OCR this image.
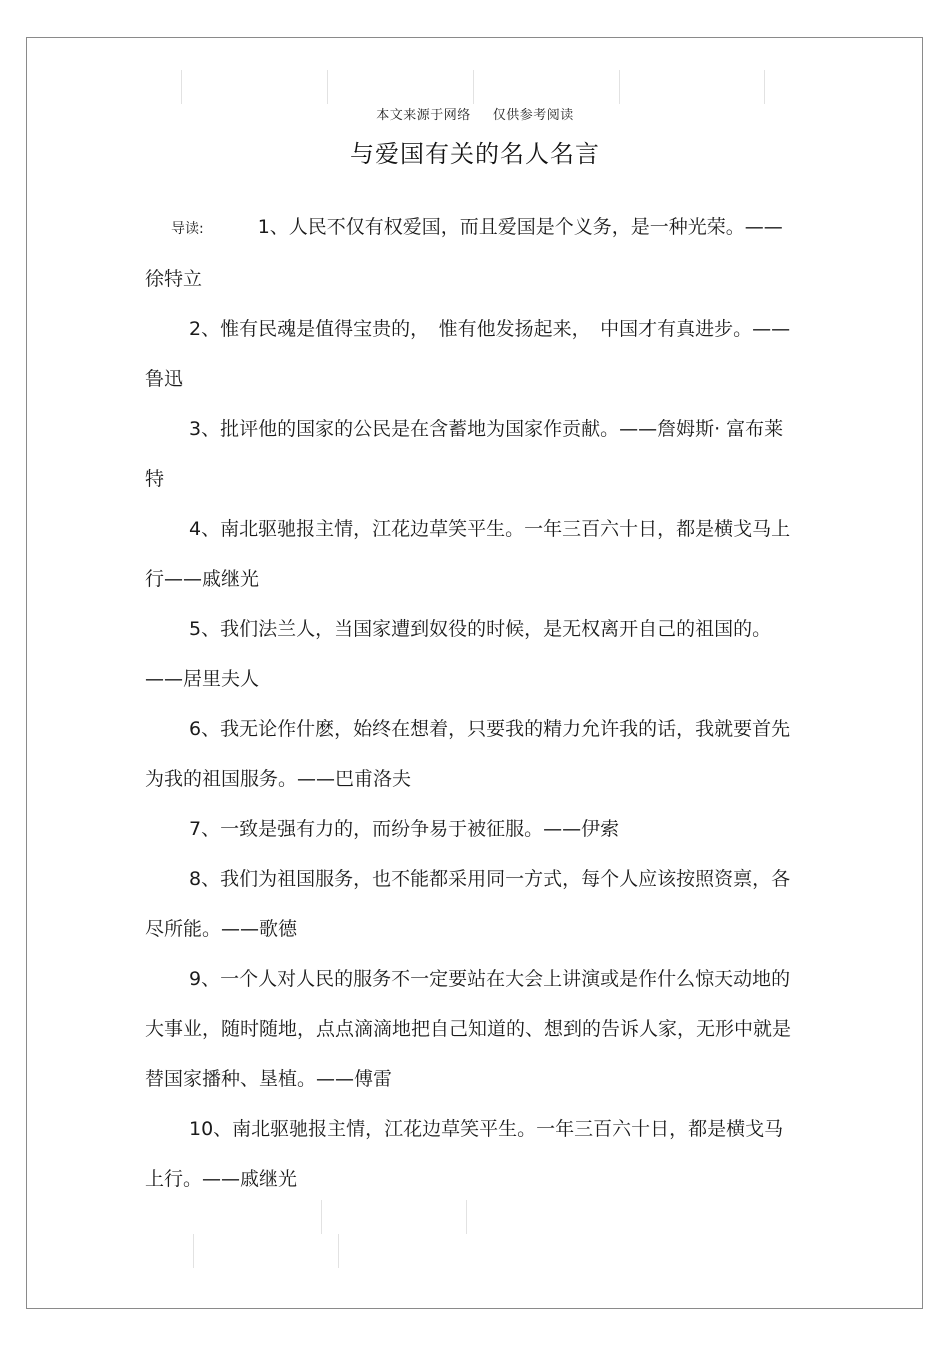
本文来源于网络 仅供参考阅读
与爱国有关的名人名言

导读:	1、人民不仅有权爱国，而且爱国是个义务，是一种光荣。——徐特立

2、惟有民魂是值得宝贵的，　惟有他发扬起来，　中国才有真进步。——鲁迅

3、批评他的国家的公民是在含蓄地为国家作贡献。——詹姆斯· 富布莱特

4、南北驱驰报主情，江花边草笑平生。一年三百六十日，都是横戈马上行——戚继光

5、我们法兰人，当国家遭到奴役的时候，是无权离开自己的祖国的。——居里夫人

6、我无论作什麽，始终在想着，只要我的精力允许我的话，我就要首先为我的祖国服务。——巴甫洛夫

7、一致是强有力的，而纷争易于被征服。——伊索

8、我们为祖国服务，也不能都采用同一方式，每个人应该按照资禀，各尽所能。——歌德

9、一个人对人民的服务不一定要站在大会上讲演或是作什么惊天动地的大事业，随时随地，点点滴滴地把自己知道的、想到的告诉人家，无形中就是替国家播种、垦植。——傅雷

10、南北驱驰报主情，江花边草笑平生。一年三百六十日，都是横戈马上行。——戚继光
